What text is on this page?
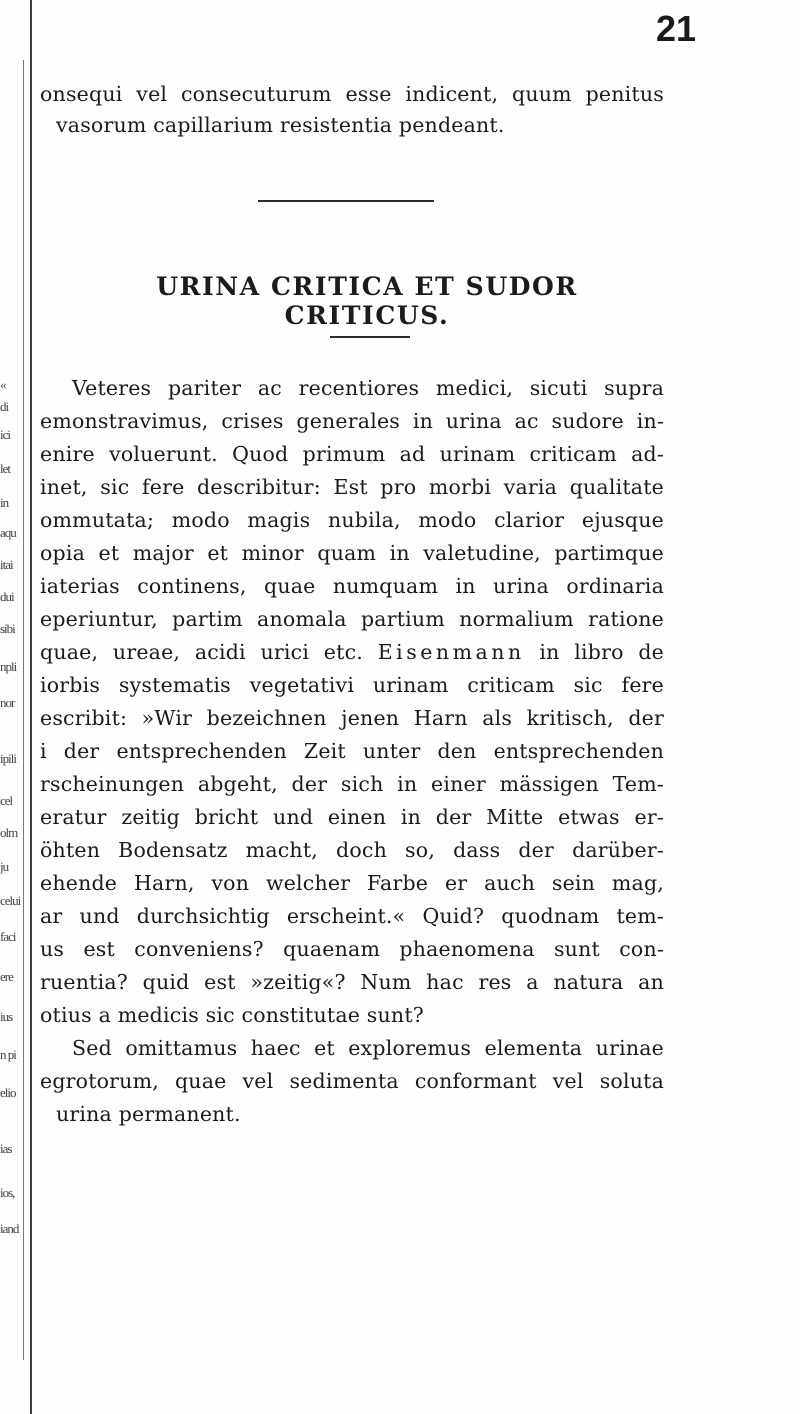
«
di
ici
let
in
aqu
itai
dui
sibi
npli
nor
ipili
cel
olm
ju
celui
faci
ere
ius
n pi
elio
ias
ios,
iand
21

onsequi vel consecuturum esse indicent, quum penitus

vasorum capillarium resistentia pendeant.

URINA CRITICA ET SUDOR CRITICUS.

Veteres pariter ac recentiores medici, sicuti supra

emonstravimus, crises generales in urina ac sudore in-

enire voluerunt. Quod primum ad urinam criticam ad-

inet, sic fere describitur: Est pro morbi varia qualitate

ommutata; modo magis nubila, modo clarior ejusque

opia et major et minor quam in valetudine, partimque

iaterias continens, quae numquam in urina ordinaria

eperiuntur, partim anomala partium normalium ratione

quae, ureae, acidi urici etc. Eisenmann in libro de

iorbis systematis vegetativi urinam criticam sic fere

escribit: »Wir bezeichnen jenen Harn als kritisch, der

i der entsprechenden Zeit unter den entsprechenden

rscheinungen abgeht, der sich in einer mässigen Tem-

eratur zeitig bricht und einen in der Mitte etwas er-

öhten Bodensatz macht, doch so, dass der darüber-

ehende Harn, von welcher Farbe er auch sein mag,

ar und durchsichtig erscheint.« Quid? quodnam tem-

us est conveniens? quaenam phaenomena sunt con-

ruentia? quid est »zeitig«? Num hac res a natura an

otius a medicis sic constitutae sunt?

Sed omittamus haec et exploremus elementa urinae

egrotorum, quae vel sedimenta conformant vel soluta

urina permanent.
